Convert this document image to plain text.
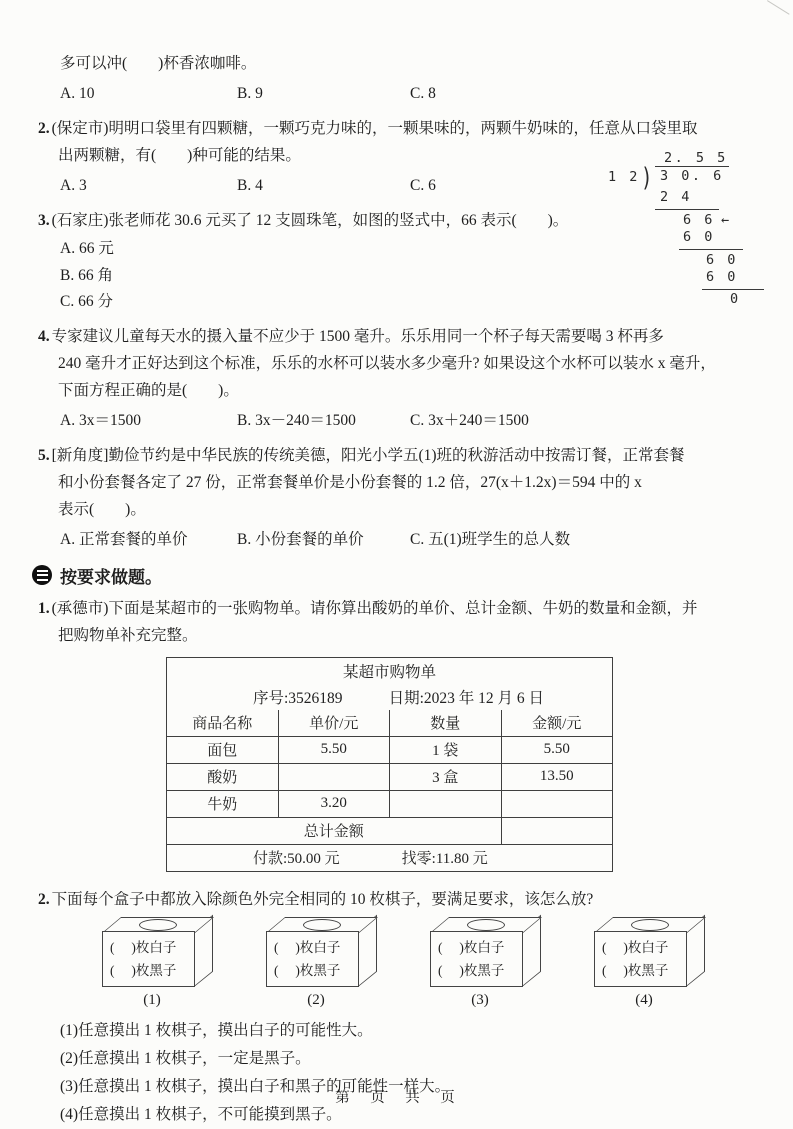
多可以冲(　　)杯香浓咖啡。
A. 10	B. 9	C. 8

2. (保定市)明明口袋里有四颗糖，一颗巧克力味的，一颗果味的，两颗牛奶味的，任意从口袋里取
出两颗糖，有(　　)种可能的结果。

A. 3	B. 4	C. 6

3. (石家庄)张老师花 30.6 元买了 12 支圆珠笔，如图的竖式中，66 表示(　　)。

A. 66 元
B. 66 角
C. 66 分

4. 专家建议儿童每天水的摄入量不应少于 1500 毫升。乐乐用同一个杯子每天需要喝 3 杯再多
240 毫升才正好达到这个标准，乐乐的水杯可以装水多少毫升? 如果设这个水杯可以装水 x 毫升，
下面方程正确的是(　　)。

A. 3x＝1500	B. 3x－240＝1500	C. 3x＋240＝1500

5. [新角度]勤俭节约是中华民族的传统美德，阳光小学五(1)班的秋游活动中按需订餐，正常套餐
和小份套餐各定了 27 份，正常套餐单价是小份套餐的 1.2 倍，27(x＋1.2x)＝594 中的 x
表示(　　)。

A. 正常套餐的单价	B. 小份套餐的单价	C. 五(1)班学生的总人数
按要求做题。

1. (承德市)下面是某超市的一张购物单。请你算出酸奶的单价、总计金额、牛奶的数量和金额，并
把购物单补充完整。

某超市购物单			
序号:3526189 日期:2023 年 12 月 6 日			
商品名称	单价/元	数量	金额/元
面包	5.50	1 袋	5.50
酸奶		3 盒	13.50
牛奶	3.20		
总计金额			
付款:50.00 元 找零:11.80 元			

2. 下面每个盒子中都放入除颜色外完全相同的 10 枚棋子，要满足要求，该怎么放?

(　 )枚白子
(　 )枚黑子
(1)
(　 )枚白子
(　 )枚黑子
(2)
(　 )枚白子
(　 )枚黑子
(3)
(　 )枚白子
(　 )枚黑子
(4)
(1)任意摸出 1 枚棋子，摸出白子的可能性大。
(2)任意摸出 1 枚棋子，一定是黑子。
(3)任意摸出 1 枚棋子，摸出白子和黑子的可能性一样大。
(4)任意摸出 1 枚棋子，不可能摸到黑子。
2. 5 5
1 2 ) 3 0. 6
2 4
6 6 ←
6 0
6 0
6 0
0
第　页　共　页
